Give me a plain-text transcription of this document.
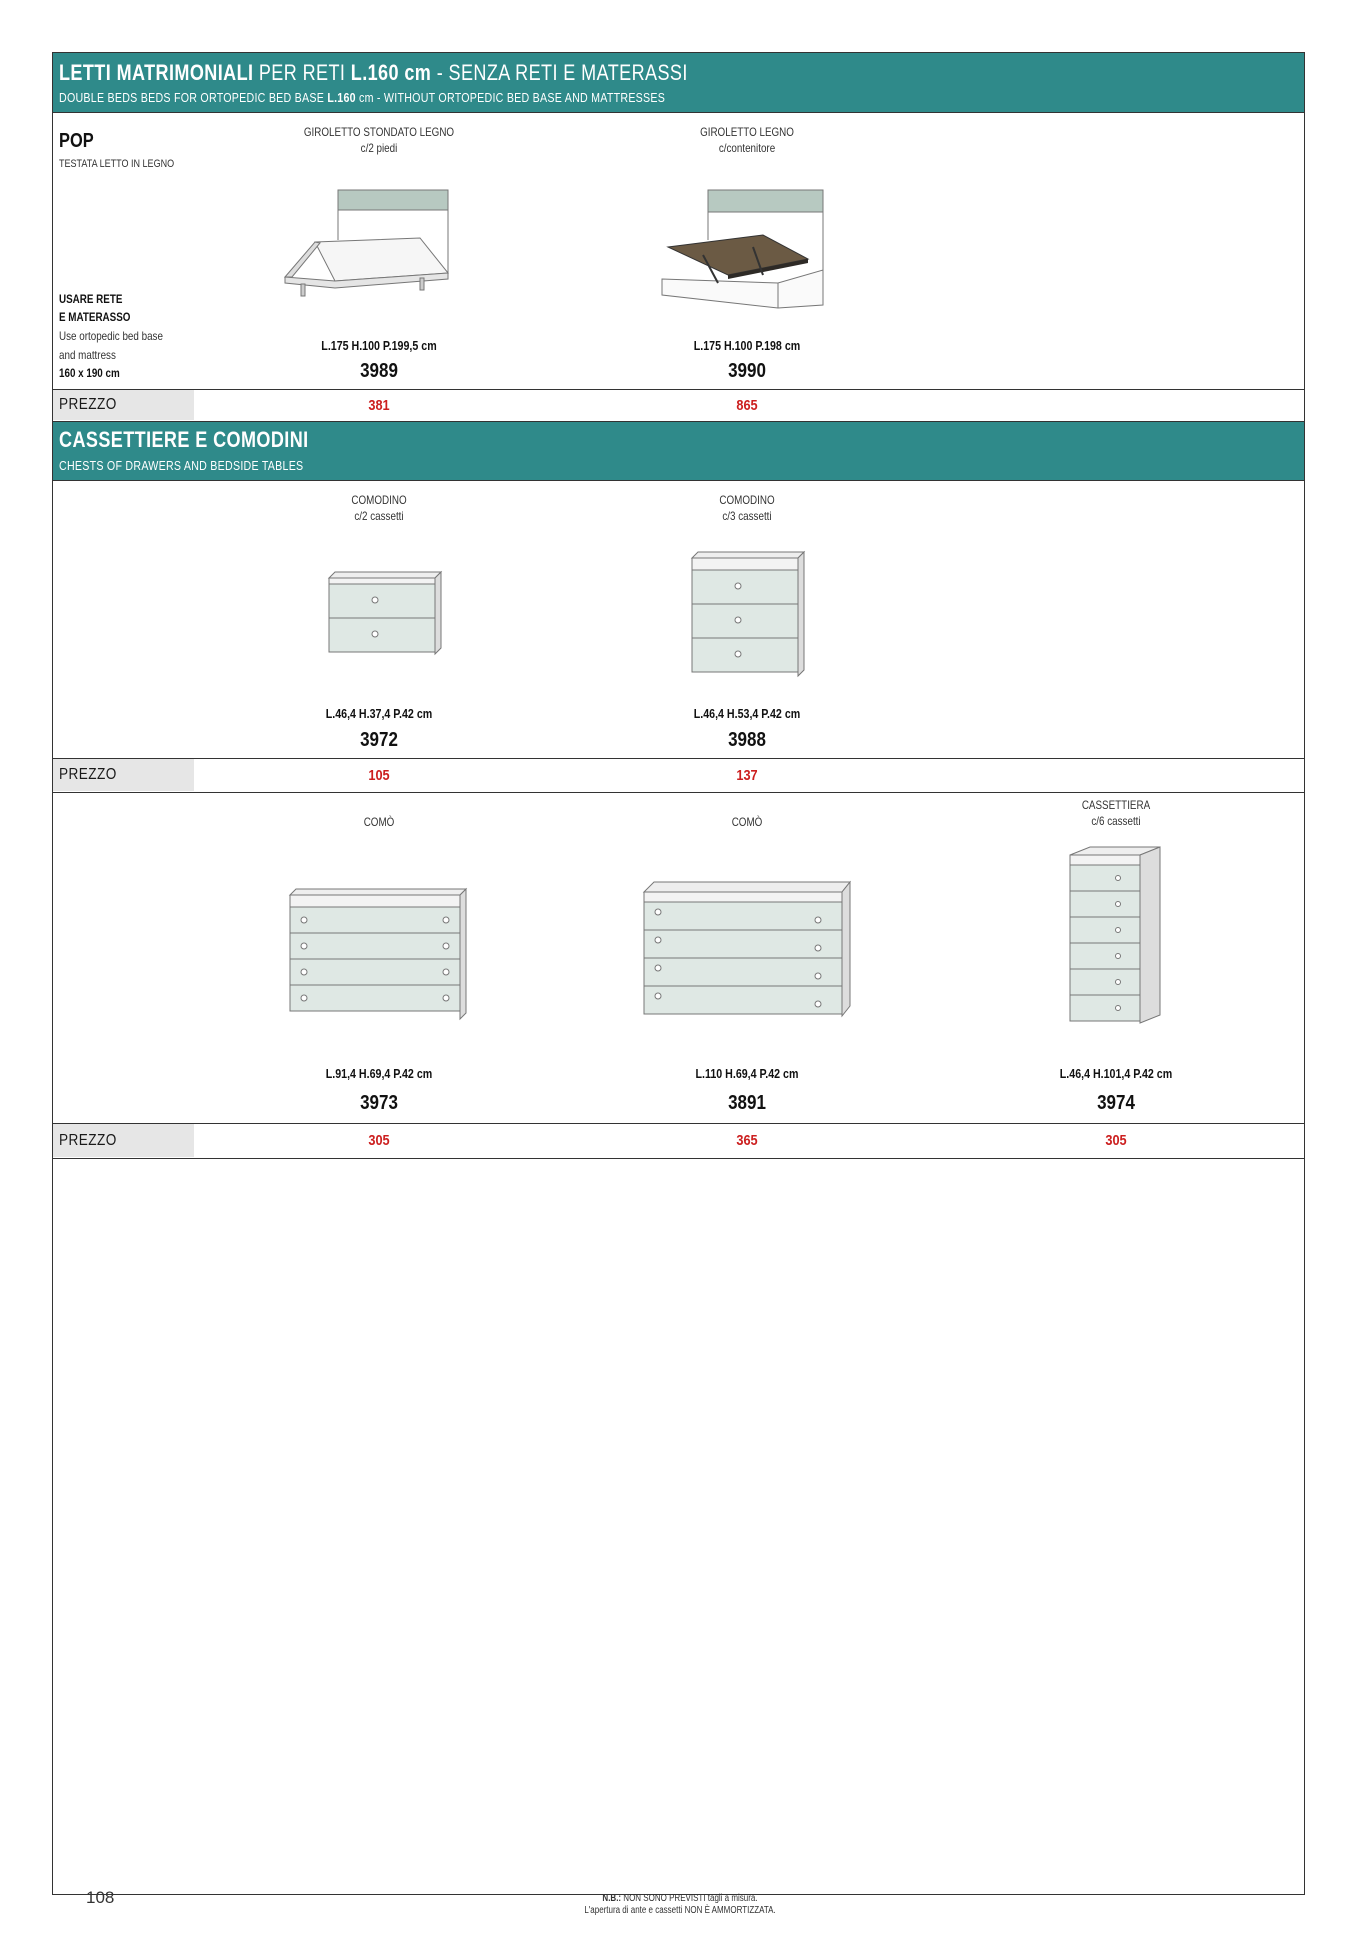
LETTI MATRIMONIALI PER RETI L.160 cm - SENZA RETI E MATERASSI
DOUBLE BEDS BEDS FOR ORTOPEDIC BED BASE L.160 cm - WITHOUT ORTOPEDIC BED BASE AND MATTRESSES
POP
TESTATA LETTO IN LEGNO
USARE RETE
E MATERASSO
Use ortopedic bed base
and mattress
160 x 190 cm
GIROLETTO STONDATO LEGNO
c/2 piedi
L.175 H.100 P.199,5 cm
3989
GIROLETTO LEGNO
c/contenitore
L.175 H.100 P.198 cm
3990
PREZZO	381	865
CASSETTIERE E COMODINI
CHESTS OF DRAWERS AND BEDSIDE TABLES
COMODINO
c/2 cassetti
L.46,4 H.37,4 P.42 cm
3972
COMODINO
c/3 cassetti
L.46,4 H.53,4 P.42 cm
3988
PREZZO	105	137
COMÒ
L.91,4 H.69,4 P.42 cm
3973
COMÒ
L.110 H.69,4 P.42 cm
3891
CASSETTIERA
c/6 cassetti
L.46,4 H.101,4 P.42 cm
3974
PREZZO	305	365	305
108	N.B.: NON SONO PREVISTI tagli a misura.
L'apertura di ante e cassetti NON È AMMORTIZZATA.
